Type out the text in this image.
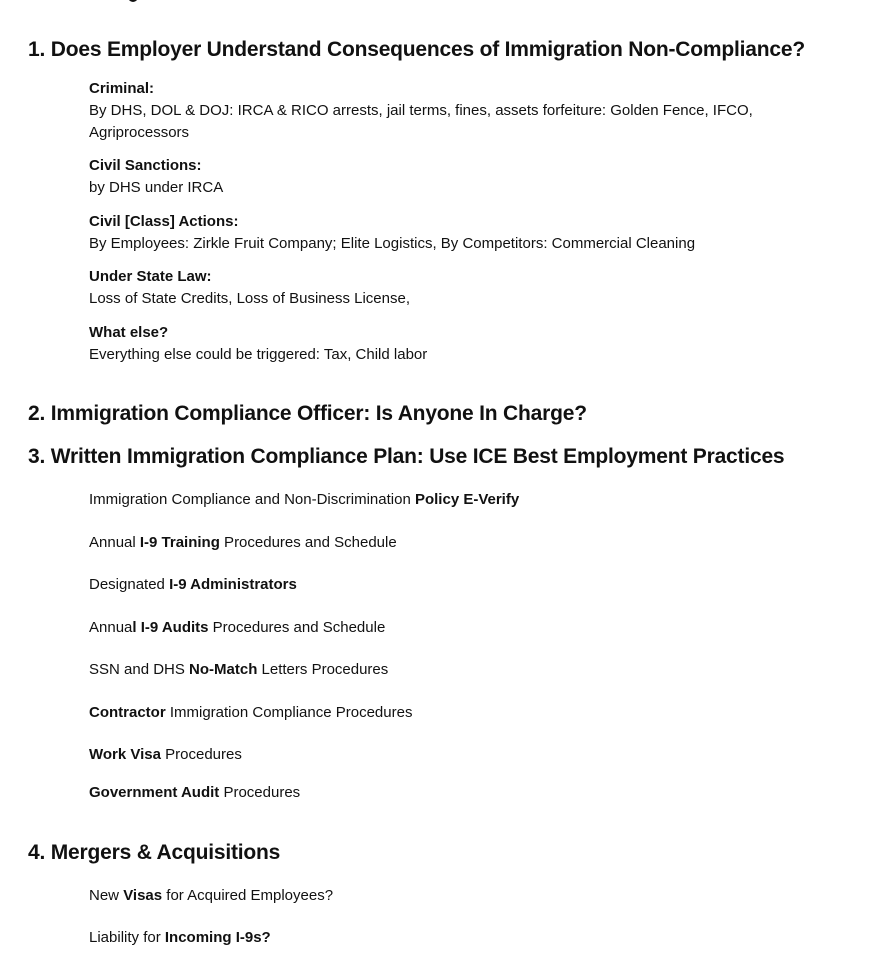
1. Does Employer Understand Consequences of Immigration Non-Compliance?
Criminal:
By DHS, DOL & DOJ: IRCA & RICO arrests, jail terms, fines, assets forfeiture: Golden Fence, IFCO, Agriprocessors
Civil Sanctions:
by DHS under IRCA
Civil [Class] Actions:
By Employees: Zirkle Fruit Company; Elite Logistics, By Competitors: Commercial Cleaning
Under State Law:
Loss of State Credits, Loss of Business License,
What else?
Everything else could be triggered: Tax, Child labor
2. Immigration Compliance Officer: Is Anyone In Charge?
3. Written Immigration Compliance Plan: Use ICE Best Employment Practices

Immigration Compliance and Non-Discrimination Policy E-Verify

Annual I-9 Training Procedures and Schedule

Designated I-9 Administrators

Annual I-9 Audits Procedures and Schedule

SSN and DHS No-Match Letters Procedures

Contractor Immigration Compliance Procedures

Work Visa Procedures

Government Audit Procedures

4. Mergers & Acquisitions

New Visas for Acquired Employees?

Liability for Incoming I-9s?
